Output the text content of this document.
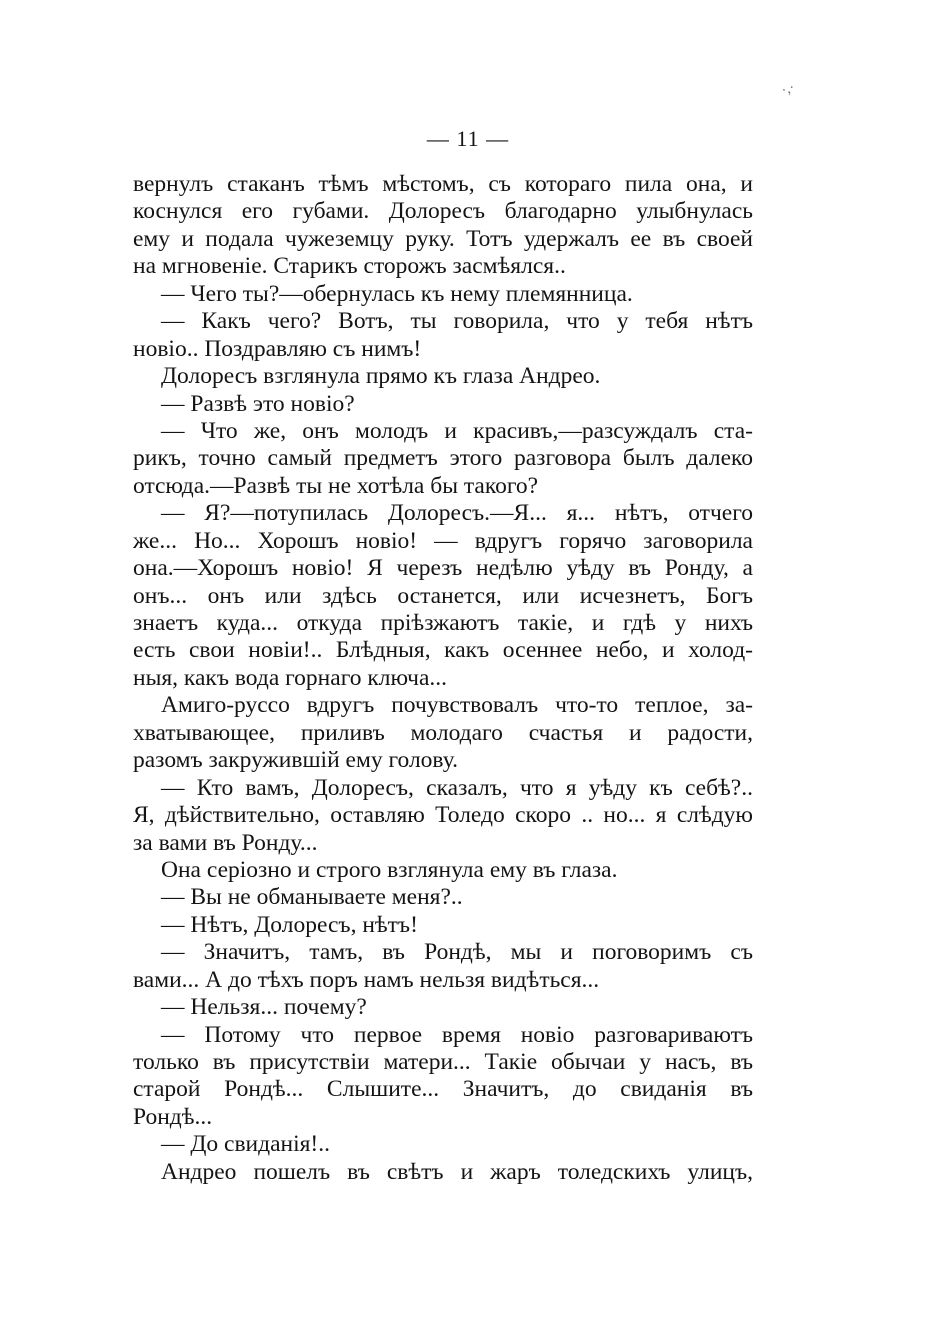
·,·
— 11 —
вернулъ стаканъ тѣмъ мѣстомъ, съ котораго пила она, и
коснулся его губами. Долоресъ благодарно улыбнулась
ему и подала чужеземцу руку. Тотъ удержалъ ее въ своей
на мгновеніе. Старикъ сторожъ засмѣялся..
— Чего ты?—обернулась къ нему племянница.
— Какъ чего? Вотъ, ты говорила, что у тебя нѣтъ
новіо.. Поздравляю съ нимъ!
Долоресъ взглянула прямо къ глаза Андрео.
— Развѣ это новіо?
— Что же, онъ молодъ и красивъ,—разсуждалъ ста-
рикъ, точно самый предметъ этого разговора былъ далеко
отсюда.—Развѣ ты не хотѣла бы такого?
— Я?—потупилась Долоресъ.—Я... я... нѣтъ, отчего
же... Но... Хорошъ новіо! — вдругъ горячо заговорила
она.—Хорошъ новіо! Я черезъ недѣлю уѣду въ Ронду, а
онъ... онъ или здѣсь останется, или исчезнетъ, Богъ
знаетъ куда... откуда пріѣзжаютъ такіе, и гдѣ у нихъ
есть свои новіи!.. Блѣдныя, какъ осеннее небо, и холод-
ныя, какъ вода горнаго ключа...
Амиго-руссо вдругъ почувствовалъ что-то теплое, за-
хватывающее, приливъ молодаго счастья и радости,
разомъ закружившій ему голову.
— Кто вамъ, Долоресъ, сказалъ, что я уѣду къ себѣ?..
Я, дѣйствительно, оставляю Толедо скоро .. но... я слѣдую
за вами въ Ронду...
Она серіозно и строго взглянула ему въ глаза.
— Вы не обманываете меня?..
— Нѣтъ, Долоресъ, нѣтъ!
— Значитъ, тамъ, въ Рондѣ, мы и поговоримъ съ
вами... А до тѣхъ поръ намъ нельзя видѣться...
— Нельзя... почему?
— Потому что первое время новіо разговариваютъ
только въ присутствіи матери... Такіе обычаи у насъ, въ
старой Рондѣ... Слышите... Значитъ, до свиданія въ
Рондѣ...
— До свиданія!..
Андрео пошелъ въ свѣтъ и жаръ толедскихъ улицъ,
